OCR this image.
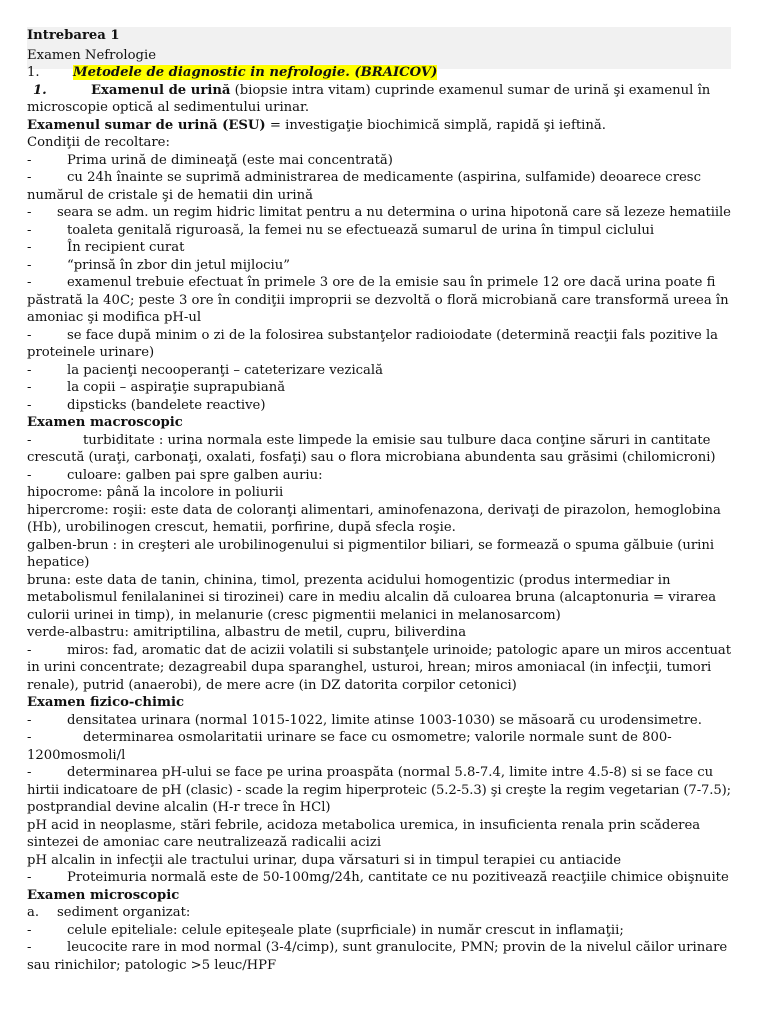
Intrebarea 1
Examen Nefrologie
1.	Metodele de diagnostic in nefrologie. (BRAICOV)
1.	Examenul de urină (biopsie intra vitam) cuprinde examenul sumar de urină şi examenul în
microscopie optică al sedimentului urinar.
Examenul sumar de urină (ESU) = investigaţie biochimică simplă, rapidă şi ieftină.
Condiţii de recoltare:
-	Prima urină de dimineaţă (este mai concentrată)
-	cu 24h înainte se suprimă administrarea de medicamente (aspirina, sulfamide) deoarece cresc
numărul de cristale şi de hematii din urină
- seara se adm. un regim hidric limitat pentru a nu determina o urina hipotonă care să lezeze hematiile
-	toaleta genitală riguroasă, la femei nu se efectuează sumarul de urina în timpul ciclului
-	În recipient curat
-	“prinsă în zbor din jetul mijlociu”
-	examenul trebuie efectuat în primele 3 ore de la emisie sau în primele 12 ore dacă urina poate fi
păstrată la 40C; peste 3 ore în condiţii improprii se dezvoltă o floră microbiană care transformă ureea în
amoniac şi modifica pH-ul
-	se face după minim o zi de la folosirea substanţelor radioiodate (determină reacţii fals pozitive la
proteinele urinare)
-	la pacienţi necooperanţi – cateterizare vezicală
-	la copii – aspiraţie suprapubiană
-	dipsticks (bandelete reactive)
Examen macroscopic
-	turbiditate : urina normala este limpede la emisie sau tulbure daca conţine săruri in cantitate
crescută (uraţi, carbonaţi, oxalati, fosfaţi) sau o flora microbiana abundenta sau grăsimi (chilomicroni)
-	culoare: galben pai spre galben auriu:
hipocrome: până la incolore in poliurii
hipercrome: roşii: este data de coloranţi alimentari, aminofenazona, derivaţi de pirazolon, hemoglobina
(Hb), urobilinogen crescut, hematii, porfirine, după sfecla roşie.
galben-brun : in creşteri ale urobilinogenului si pigmentilor biliari, se formează o spuma gălbuie (urini
hepatice)
bruna: este data de tanin, chinina, timol, prezenta acidului homogentizic (produs intermediar in
metabolismul fenilalaninei si tirozinei) care in mediu alcalin dă culoarea bruna (alcaptonuria = virarea
culorii urinei in timp), in melanurie (cresc pigmentii melanici in melanosarcom)
verde-albastru: amitriptilina, albastru de metil, cupru, biliverdina
-	miros: fad, aromatic dat de acizii volatili si substanţele urinoide; patologic apare un miros accentuat
in urini concentrate; dezagreabil dupa sparanghel, usturoi, hrean; miros amoniacal (in infecţii, tumori
renale), putrid (anaerobi), de mere acre (in DZ datorita corpilor cetonici)
Examen fizico-chimic
-	densitatea urinara (normal 1015-1022, limite atinse 1003-1030) se măsoară cu urodensimetre.
-	determinarea osmolaritatii urinare se face cu osmometre; valorile normale sunt de 800-
1200mosmoli/l
-	determinarea pH-ului se face pe urina proaspăta (normal 5.8-7.4, limite intre 4.5-8) si se face cu
hirtii indicatoare de pH (clasic) - scade la regim hiperproteic (5.2-5.3) şi creşte la regim vegetarian (7-7.5);
postprandial devine alcalin (H-r trece în HCl)
pH acid in neoplasme, stări febrile, acidoza metabolica uremica, in insuficienta renala prin scăderea
sintezei de amoniac care neutralizează radicalii acizi
pH alcalin in infecţii ale tractului urinar, dupa vărsaturi si in timpul terapiei cu antiacide
-	Proteimuria normală este de 50-100mg/24h, cantitate ce nu pozitivează reacţiile chimice obişnuite
Examen microscopic
a. sediment organizat:
-	celule epiteliale: celule epiteşeale plate (suprficiale) in număr crescut in inflamaţii;
-	leucocite rare in mod normal (3-4/cimp), sunt granulocite, PMN; provin de la nivelul căilor urinare
sau rinichilor; patologic >5 leuc/HPF
